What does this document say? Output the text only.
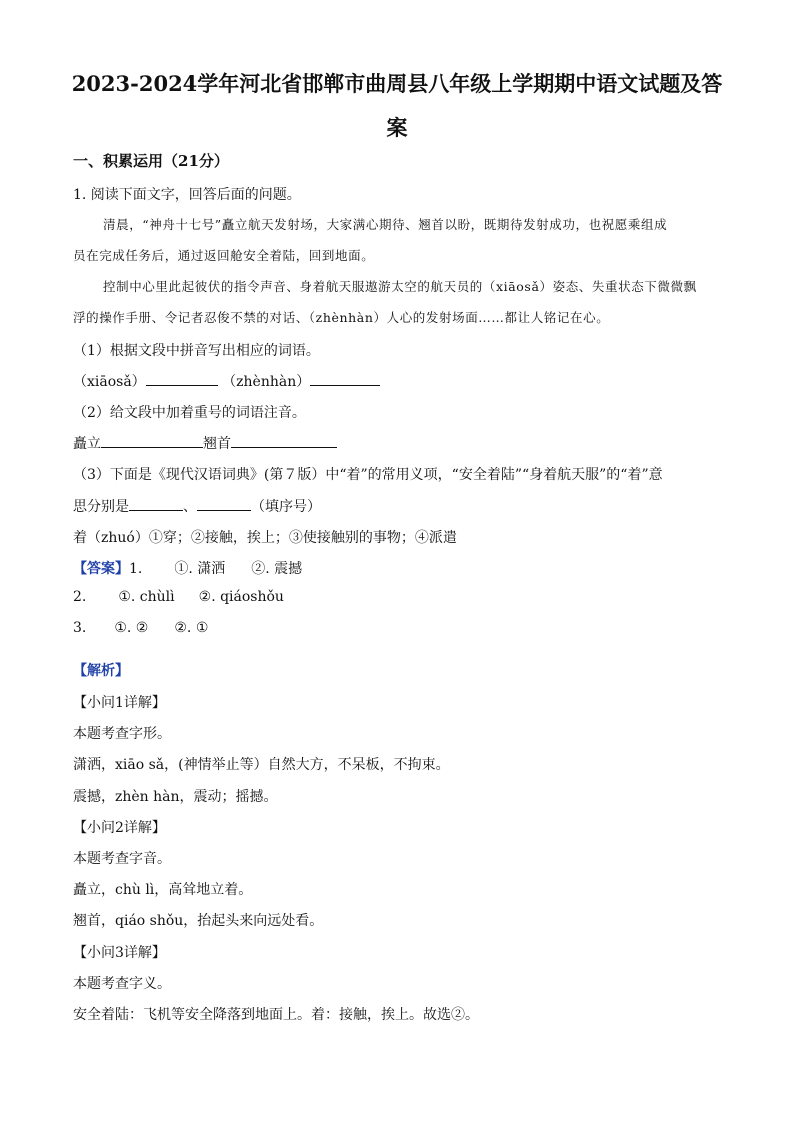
2023-2024学年河北省邯郸市曲周县八年级上学期期中语文试题及答
案
一、积累运用（21分）
1. 阅读下面文字，回答后面的问题。
清晨，“神舟十七号”矗立航天发射场，大家满心期待、翘首以盼，既期待发射成功，也祝愿乘组成
员在完成任务后，通过返回舱安全着陆，回到地面。
控制中心里此起彼伏的指令声音、身着航天服遨游太空的航天员的（xiāosǎ）姿态、失重状态下微微飘
浮的操作手册、令记者忍俊不禁的对话、（zhènhàn）人心的发射场面……都让人铭记在心。
（1）根据文段中拼音写出相应的词语。
（xiāosǎ）	（zhènhàn）
（2）给文段中加着重号的词语注音。
矗立	翘首
（3）下面是《现代汉语词典》(第７版）中“着”的常用义项，“安全着陆”“身着航天服”的“着”意
思分别是	、	（填序号）
着（zhuó）①穿；②接触，挨上；③使接触别的事物；④派遣
【答案】1. ①. 潇洒 ②. 震撼
2. ①. chùlì ②. qiáoshǒu
3. ①. ② ②. ①
【解析】
【小问1详解】
本题考查字形。
潇洒，xiāo sǎ，(神情举止等）自然大方，不呆板，不拘束。
震撼，zhèn hàn，震动；摇撼。
【小问2详解】
本题考查字音。
矗立，chù lì，高耸地立着。
翘首，qiáo shǒu，抬起头来向远处看。
【小问3详解】
本题考查字义。
安全着陆：飞机等安全降落到地面上。着：接触，挨上。故选②。
